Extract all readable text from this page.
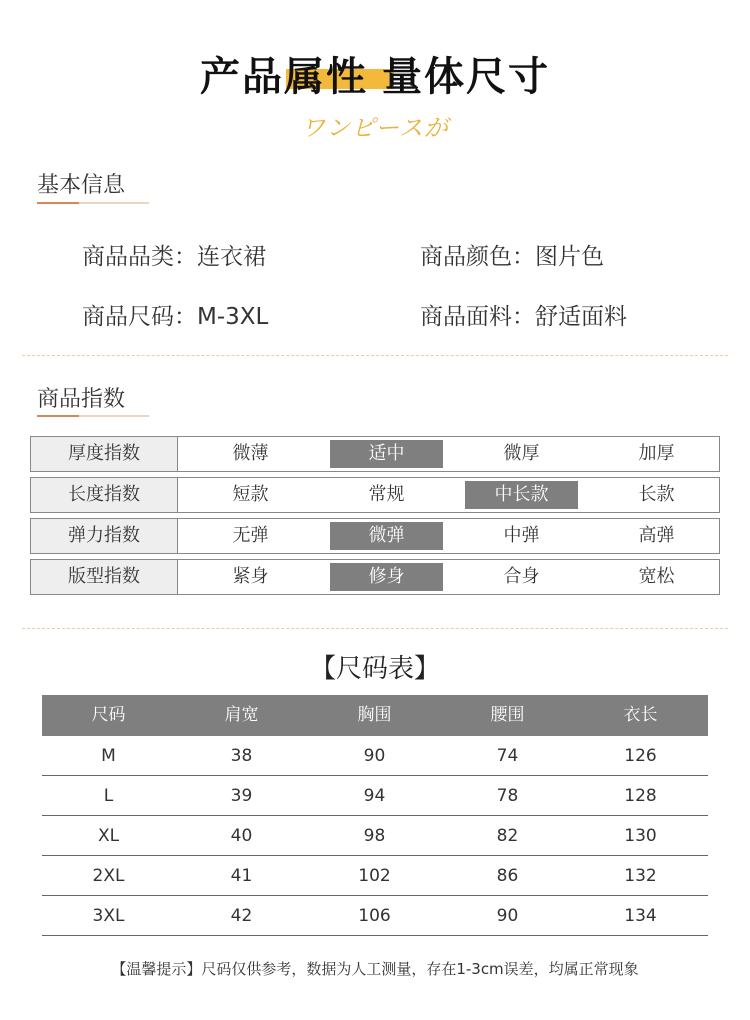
产品属性 量体尺寸
ワンピースが
基本信息
商品品类：连衣裙	商品颜色：图片色
商品尺码：M-3XL	商品面料：舒适面料
商品指数
厚度指数	微薄	适中	微厚	加厚
长度指数	短款	常规	中长款	长款
弹力指数	无弹	微弹	中弹	高弹
版型指数	紧身	修身	合身	宽松
【尺码表】
尺码	肩宽	胸围	腰围	衣长
M	38	90	74	126
L	39	94	78	128
XL	40	98	82	130
2XL	41	102	86	132
3XL	42	106	90	134
【温馨提示】尺码仅供参考，数据为人工测量，存在1-3cm误差，均属正常现象
